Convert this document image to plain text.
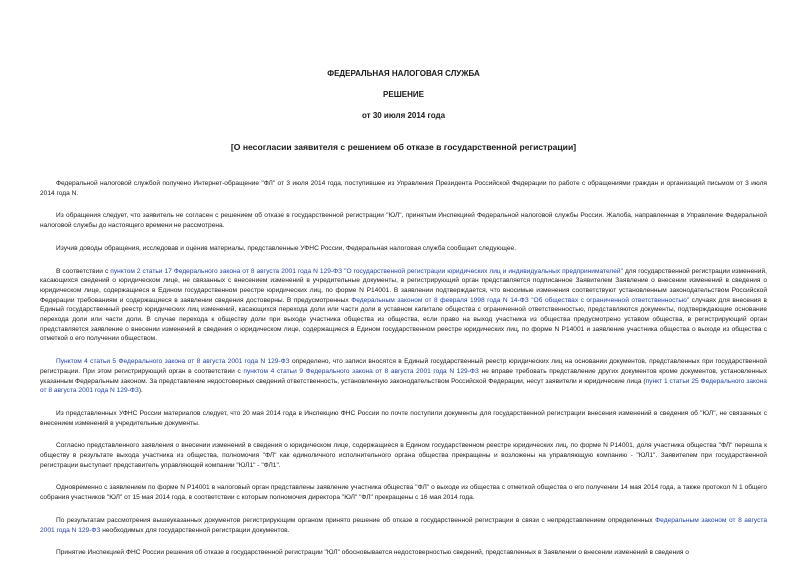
ФЕДЕРАЛЬНАЯ НАЛОГОВАЯ СЛУЖБА
РЕШЕНИЕ
от 30 июля 2014 года
[О несогласии заявителя с решением об отказе в государственной регистрации]

Федеральной налоговой службой получено Интернет-обращение "ФЛ" от 3 июля 2014 года, поступившее из Управления Президента Российской Федерации по работе с обращениями граждан и организаций письмом от 3 июля 2014 года N.

Из обращения следует, что заявитель не согласен с решением об отказе в государственной регистрации "ЮЛ", принятым Инспекцией Федеральной налоговой службы России. Жалоба, направленная в Управление Федеральной налоговой службы до настоящего времени не рассмотрена.

Изучив доводы обращения, исследовав и оценив материалы, представленные УФНС России, Федеральная налоговая служба сообщает следующее.

В соответствии с пунктом 2 статьи 17 Федерального закона от 8 августа 2001 года N 129-ФЗ "О государственной регистрации юридических лиц и индивидуальных предпринимателей" для государственной регистрации изменений, касающихся сведений о юридическом лице, не связанных с внесением изменений в учредительные документы, в регистрирующий орган представляется подписанное Заявителем Заявление о внесении изменений в сведения о юридическом лице, содержащиеся в Едином государственном реестре юридических лиц, по форме N Р14001. В заявлении подтверждается, что вносимые изменения соответствуют установленным законодательством Российской Федерации требованиям и содержащиеся в заявлении сведения достоверны. В предусмотренных Федеральным законом от 8 февраля 1998 года N 14-ФЗ "Об обществах с ограниченной ответственностью" случаях для внесения в Единый государственный реестр юридических лиц изменений, касающихся перехода доли или части доли в уставном капитале общества с ограниченной ответственностью, представляются документы, подтверждающие основание перехода доли или части доли. В случае перехода к обществу доли при выходе участника общества из общества, если право на выход участника из общества предусмотрено уставом общества, в регистрирующий орган представляется заявление о внесении изменений в сведения о юридическом лице, содержащиеся в Едином государственном реестре юридических лиц, по форме N Р14001 и заявление участника общества о выходе из общества с отметкой о его получении обществом.

Пунктом 4 статьи 5 Федерального закона от 8 августа 2001 года N 129-ФЗ определено, что записи вносятся в Единый государственный реестр юридических лиц на основании документов, представленных при государственной регистрации. При этом регистрирующий орган в соответствии с пунктом 4 статьи 9 Федерального закона от 8 августа 2001 года N 129-ФЗ не вправе требовать представление других документов кроме документов, установленных указанным Федеральным законом. За представление недостоверных сведений ответственность, установленную законодательством Российской Федерации, несут заявители и юридические лица (пункт 1 статьи 25 Федерального закона от 8 августа 2001 года N 129-ФЗ).

Из представленных УФНС России материалов следует, что 20 мая 2014 года в Инспекцию ФНС России по почте поступили документы для государственной регистрации внесения изменений в сведения об "ЮЛ", не связанных с внесением изменений в учредительные документы.

Согласно представленного заявления о внесении изменений в сведения о юридическом лице, содержащиеся в Едином государственном реестре юридических лиц, по форме N Р14001, доля участника общества "ФЛ" перешла к обществу в результате выхода участника из общества, полномочия "ФЛ" как единоличного исполнительного органа общества прекращены и возложены на управляющую компанию - "ЮЛ1". Заявителем при государственной регистрации выступает представитель управляющей компании "ЮЛ1" - "ФЛ1".

Одновременно с заявлением по форме N Р14001 в налоговый орган представлены заявление участника общества "ФЛ" о выходе из общества с отметкой общества о его получении 14 мая 2014 года, а также протокол N 1 общего собрания участников "ЮЛ" от 15 мая 2014 года, в соответствии с которым полномочия директора "ЮЛ" "ФЛ" прекращены с 16 мая 2014 года.

По результатам рассмотрения вышеуказанных документов регистрирующим органом принято решение об отказе в государственной регистрации в связи с непредставлением определенных Федеральным законом от 8 августа 2001 года N 129-ФЗ необходимых для государственной регистрации документов.

Принятие Инспекцией ФНС России решения об отказе в государственной регистрации "ЮЛ" обосновывается недостоверностью сведений, представленных в Заявлении о внесении изменений в сведения о
